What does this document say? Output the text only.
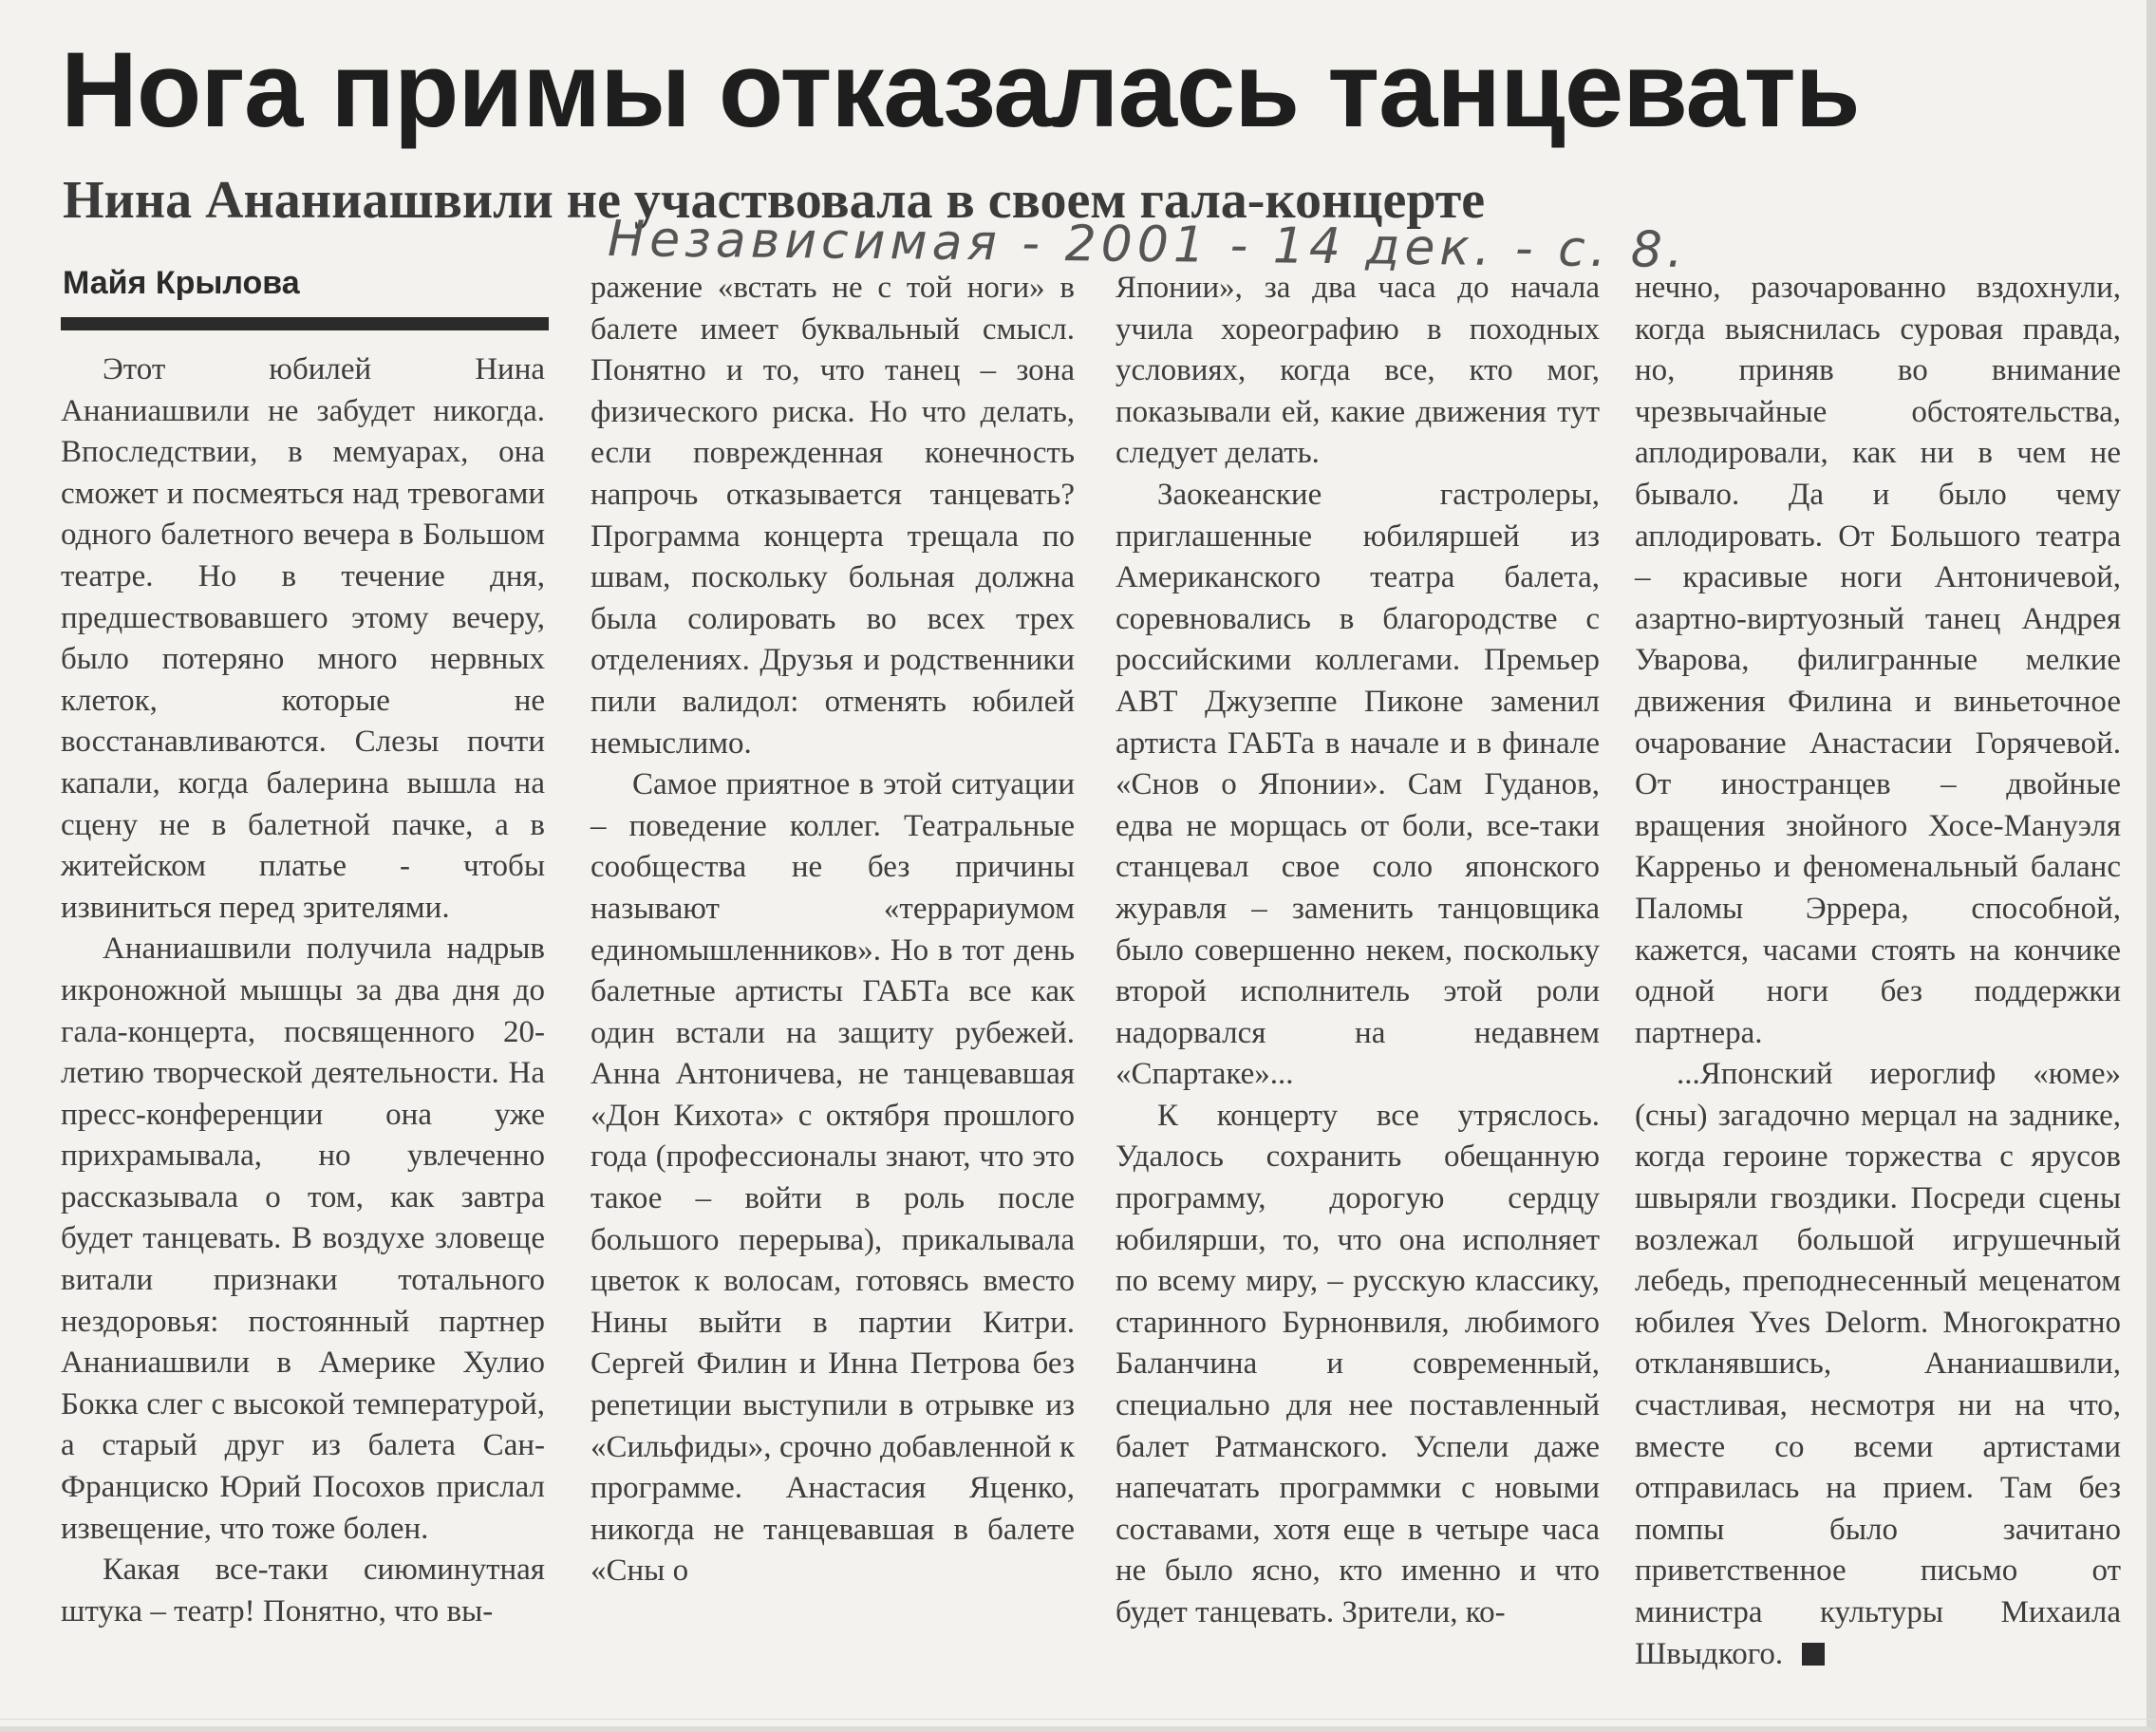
Нога примы отказалась танцевать
Нина Ананиашвили не участвовала в своем гала-концерте
Независимая - 2001 - 14 дек. - с. 8.
Майя Крылова

Этот юбилей Нина Ананиашвили не забудет никогда. Впоследствии, в мемуарах, она сможет и посмеяться над тревогами одного балетного вечера в Большом театре. Но в течение дня, предшествовавшего этому вечеру, было потеряно много нервных клеток, которые не восстанавливаются. Слезы почти капали, когда балерина вышла на сцену не в балетной пачке, а в житейском платье - чтобы извиниться перед зрителями.

Ананиашвили получила надрыв икроножной мышцы за два дня до гала-концерта, посвященного 20-летию творческой деятельности. На пресс-конференции она уже прихрамывала, но увлеченно рассказывала о том, как завтра будет танцевать. В воздухе зловеще витали признаки тотального нездоровья: постоянный партнер Ананиашвили в Америке Хулио Бокка слег с высокой температурой, а старый друг из балета Сан-Франциско Юрий Посохов прислал извещение, что тоже болен.

Какая все-таки сиюминутная штука – театр! Понятно, что вы-

ражение «встать не с той ноги» в балете имеет буквальный смысл. Понятно и то, что танец – зона физического риска. Но что делать, если поврежденная конечность напрочь отказывается танцевать? Программа концерта трещала по швам, поскольку больная должна была солировать во всех трех отделениях. Друзья и родственники пили валидол: отменять юбилей немыслимо.

Самое приятное в этой ситуации – поведение коллег. Театральные сообщества не без причины называют «террариумом единомышленников». Но в тот день балетные артисты ГАБТа все как один встали на защиту рубежей. Анна Антоничева, не танцевавшая «Дон Кихота» с октября прошлого года (профессионалы знают, что это такое – войти в роль после большого перерыва), прикалывала цветок к волосам, готовясь вместо Нины выйти в партии Китри. Сергей Филин и Инна Петрова без репетиции выступили в отрывке из «Сильфиды», срочно добавленной к программе. Анастасия Яценко, никогда не танцевавшая в балете «Сны о

Японии», за два часа до начала учила хореографию в походных условиях, когда все, кто мог, показывали ей, какие движения тут следует делать.

Заокеанские гастролеры, приглашенные юбиляршей из Американского театра балета, соревновались в благородстве с российскими коллегами. Премьер АВТ Джузеппе Пиконе заменил артиста ГАБТа в начале и в финале «Снов о Японии». Сам Гуданов, едва не морщась от боли, все-таки станцевал свое соло японского журавля – заменить танцовщика было совершенно некем, поскольку второй исполнитель этой роли надорвался на недавнем «Спартаке»...

К концерту все утряслось. Удалось сохранить обещанную программу, дорогую сердцу юбилярши, то, что она исполняет по всему миру, – русскую классику, старинного Бурнонвиля, любимого Баланчина и современный, специально для нее поставленный балет Ратманского. Успели даже напечатать программки с новыми составами, хотя еще в четыре часа не было ясно, кто именно и что будет танцевать. Зрители, ко-

нечно, разочарованно вздохнули, когда выяснилась суровая правда, но, приняв во внимание чрезвычайные обстоятельства, аплодировали, как ни в чем не бывало. Да и было чему аплодировать. От Большого театра – красивые ноги Антоничевой, азартно-виртуозный танец Андрея Уварова, филигранные мелкие движения Филина и виньеточное очарование Анастасии Горячевой. От иностранцев – двойные вращения знойного Хосе-Мануэля Карреньо и феноменальный баланс Паломы Эррера, способной, кажется, часами стоять на кончике одной ноги без поддержки партнера.

...Японский иероглиф «юме» (сны) загадочно мерцал на заднике, когда героине торжества с ярусов швыряли гвоздики. Посреди сцены возлежал большой игрушечный лебедь, преподнесенный меценатом юбилея Yves Delorm. Многократно откланявшись, Ананиашвили, счастливая, несмотря ни на что, вместе со всеми артистами отправилась на прием. Там без помпы было зачитано приветственное письмо от министра культуры Михаила Швыдкого.
